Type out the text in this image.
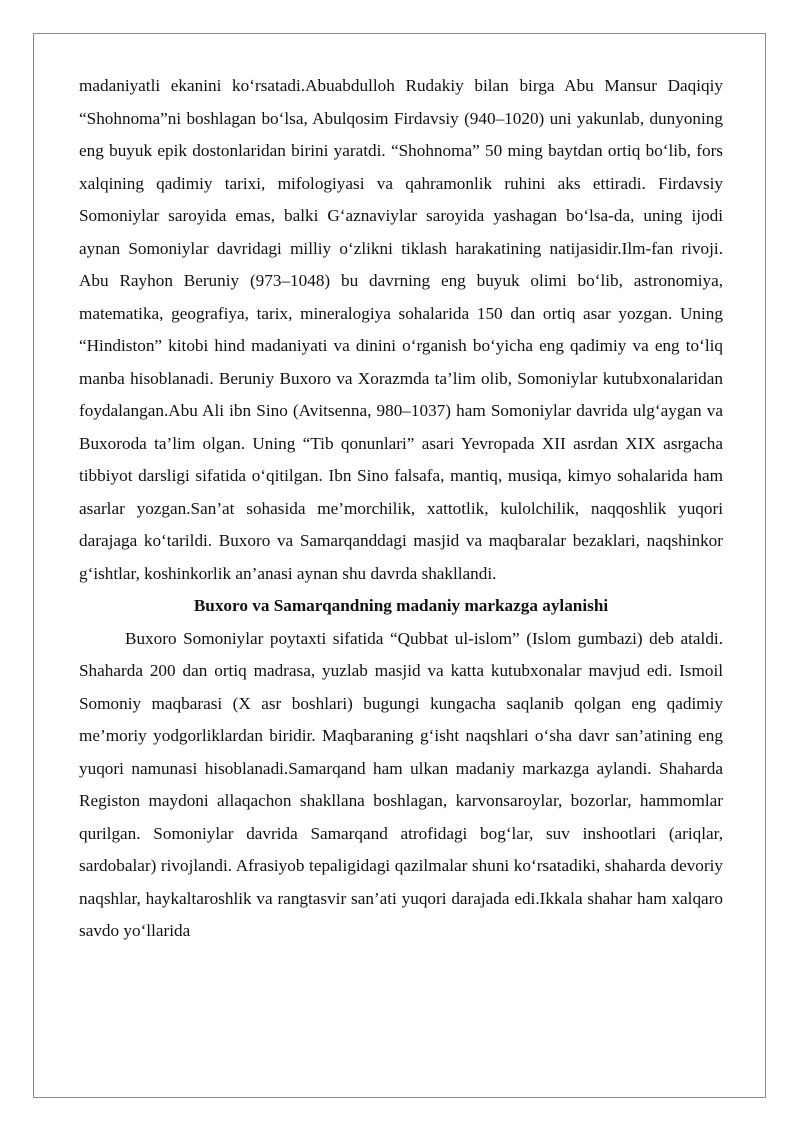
madaniyatli ekanini koʻrsatadi.Abuabdulloh Rudakiy bilan birga Abu Mansur Daqiqiy “Shohnoma”ni boshlagan boʻlsa, Abulqosim Firdavsiy (940–1020) uni yakunlab, dunyoning eng buyuk epik dostonlaridan birini yaratdi. “Shohnoma” 50 ming baytdan ortiq boʻlib, fors xalqining qadimiy tarixi, mifologiyasi va qahramonlik ruhini aks ettiradi. Firdavsiy Somoniylar saroyida emas, balki Gʻaznaviylar saroyida yashagan boʻlsa-da, uning ijodi aynan Somoniylar davridagi milliy oʻzlikni tiklash harakatining natijasidir.Ilm-fan rivoji. Abu Rayhon Beruniy (973–1048) bu davrning eng buyuk olimi boʻlib, astronomiya, matematika, geografiya, tarix, mineralogiya sohalarida 150 dan ortiq asar yozgan. Uning “Hindiston” kitobi hind madaniyati va dinini oʻrganish boʻyicha eng qadimiy va eng toʻliq manba hisoblanadi. Beruniy Buxoro va Xorazmda ta’lim olib, Somoniylar kutubxonalaridan foydalangan.Abu Ali ibn Sino (Avitsenna, 980–1037) ham Somoniylar davrida ulgʻaygan va Buxoroda ta’lim olgan. Uning “Tib qonunlari” asari Yevropada XII asrdan XIX asrgacha tibbiyot darsligi sifatida oʻqitilgan. Ibn Sino falsafa, mantiq, musiqa, kimyo sohalarida ham asarlar yozgan.San’at sohasida me’morchilik, xattotlik, kulolchilik, naqqoshlik yuqori darajaga koʻtarildi. Buxoro va Samarqanddagi masjid va maqbaralar bezaklari, naqshinkor gʻishtlar, koshinkorlik an’anasi aynan shu davrda shakllandi.

Buxoro va Samarqandning madaniy markazga aylanishi

Buxoro Somoniylar poytaxti sifatida “Qubbat ul-islom” (Islom gumbazi) deb ataldi. Shaharda 200 dan ortiq madrasa, yuzlab masjid va katta kutubxonalar mavjud edi. Ismoil Somoniy maqbarasi (X asr boshlari) bugungi kungacha saqlanib qolgan eng qadimiy me’moriy yodgorliklardan biridir. Maqbaraning gʻisht naqshlari oʻsha davr san’atining eng yuqori namunasi hisoblanadi.Samarqand ham ulkan madaniy markazga aylandi. Shaharda Registon maydoni allaqachon shakllana boshlagan, karvonsaroylar, bozorlar, hammomlar qurilgan. Somoniylar davrida Samarqand atrofidagi bogʻlar, suv inshootlari (ariqlar, sardobalar) rivojlandi. Afrasiyob tepaligidagi qazilmalar shuni koʻrsatadiki, shaharda devoriy naqshlar, haykaltaroshlik va rangtasvir san’ati yuqori darajada edi.Ikkala shahar ham xalqaro savdo yoʻllarida
